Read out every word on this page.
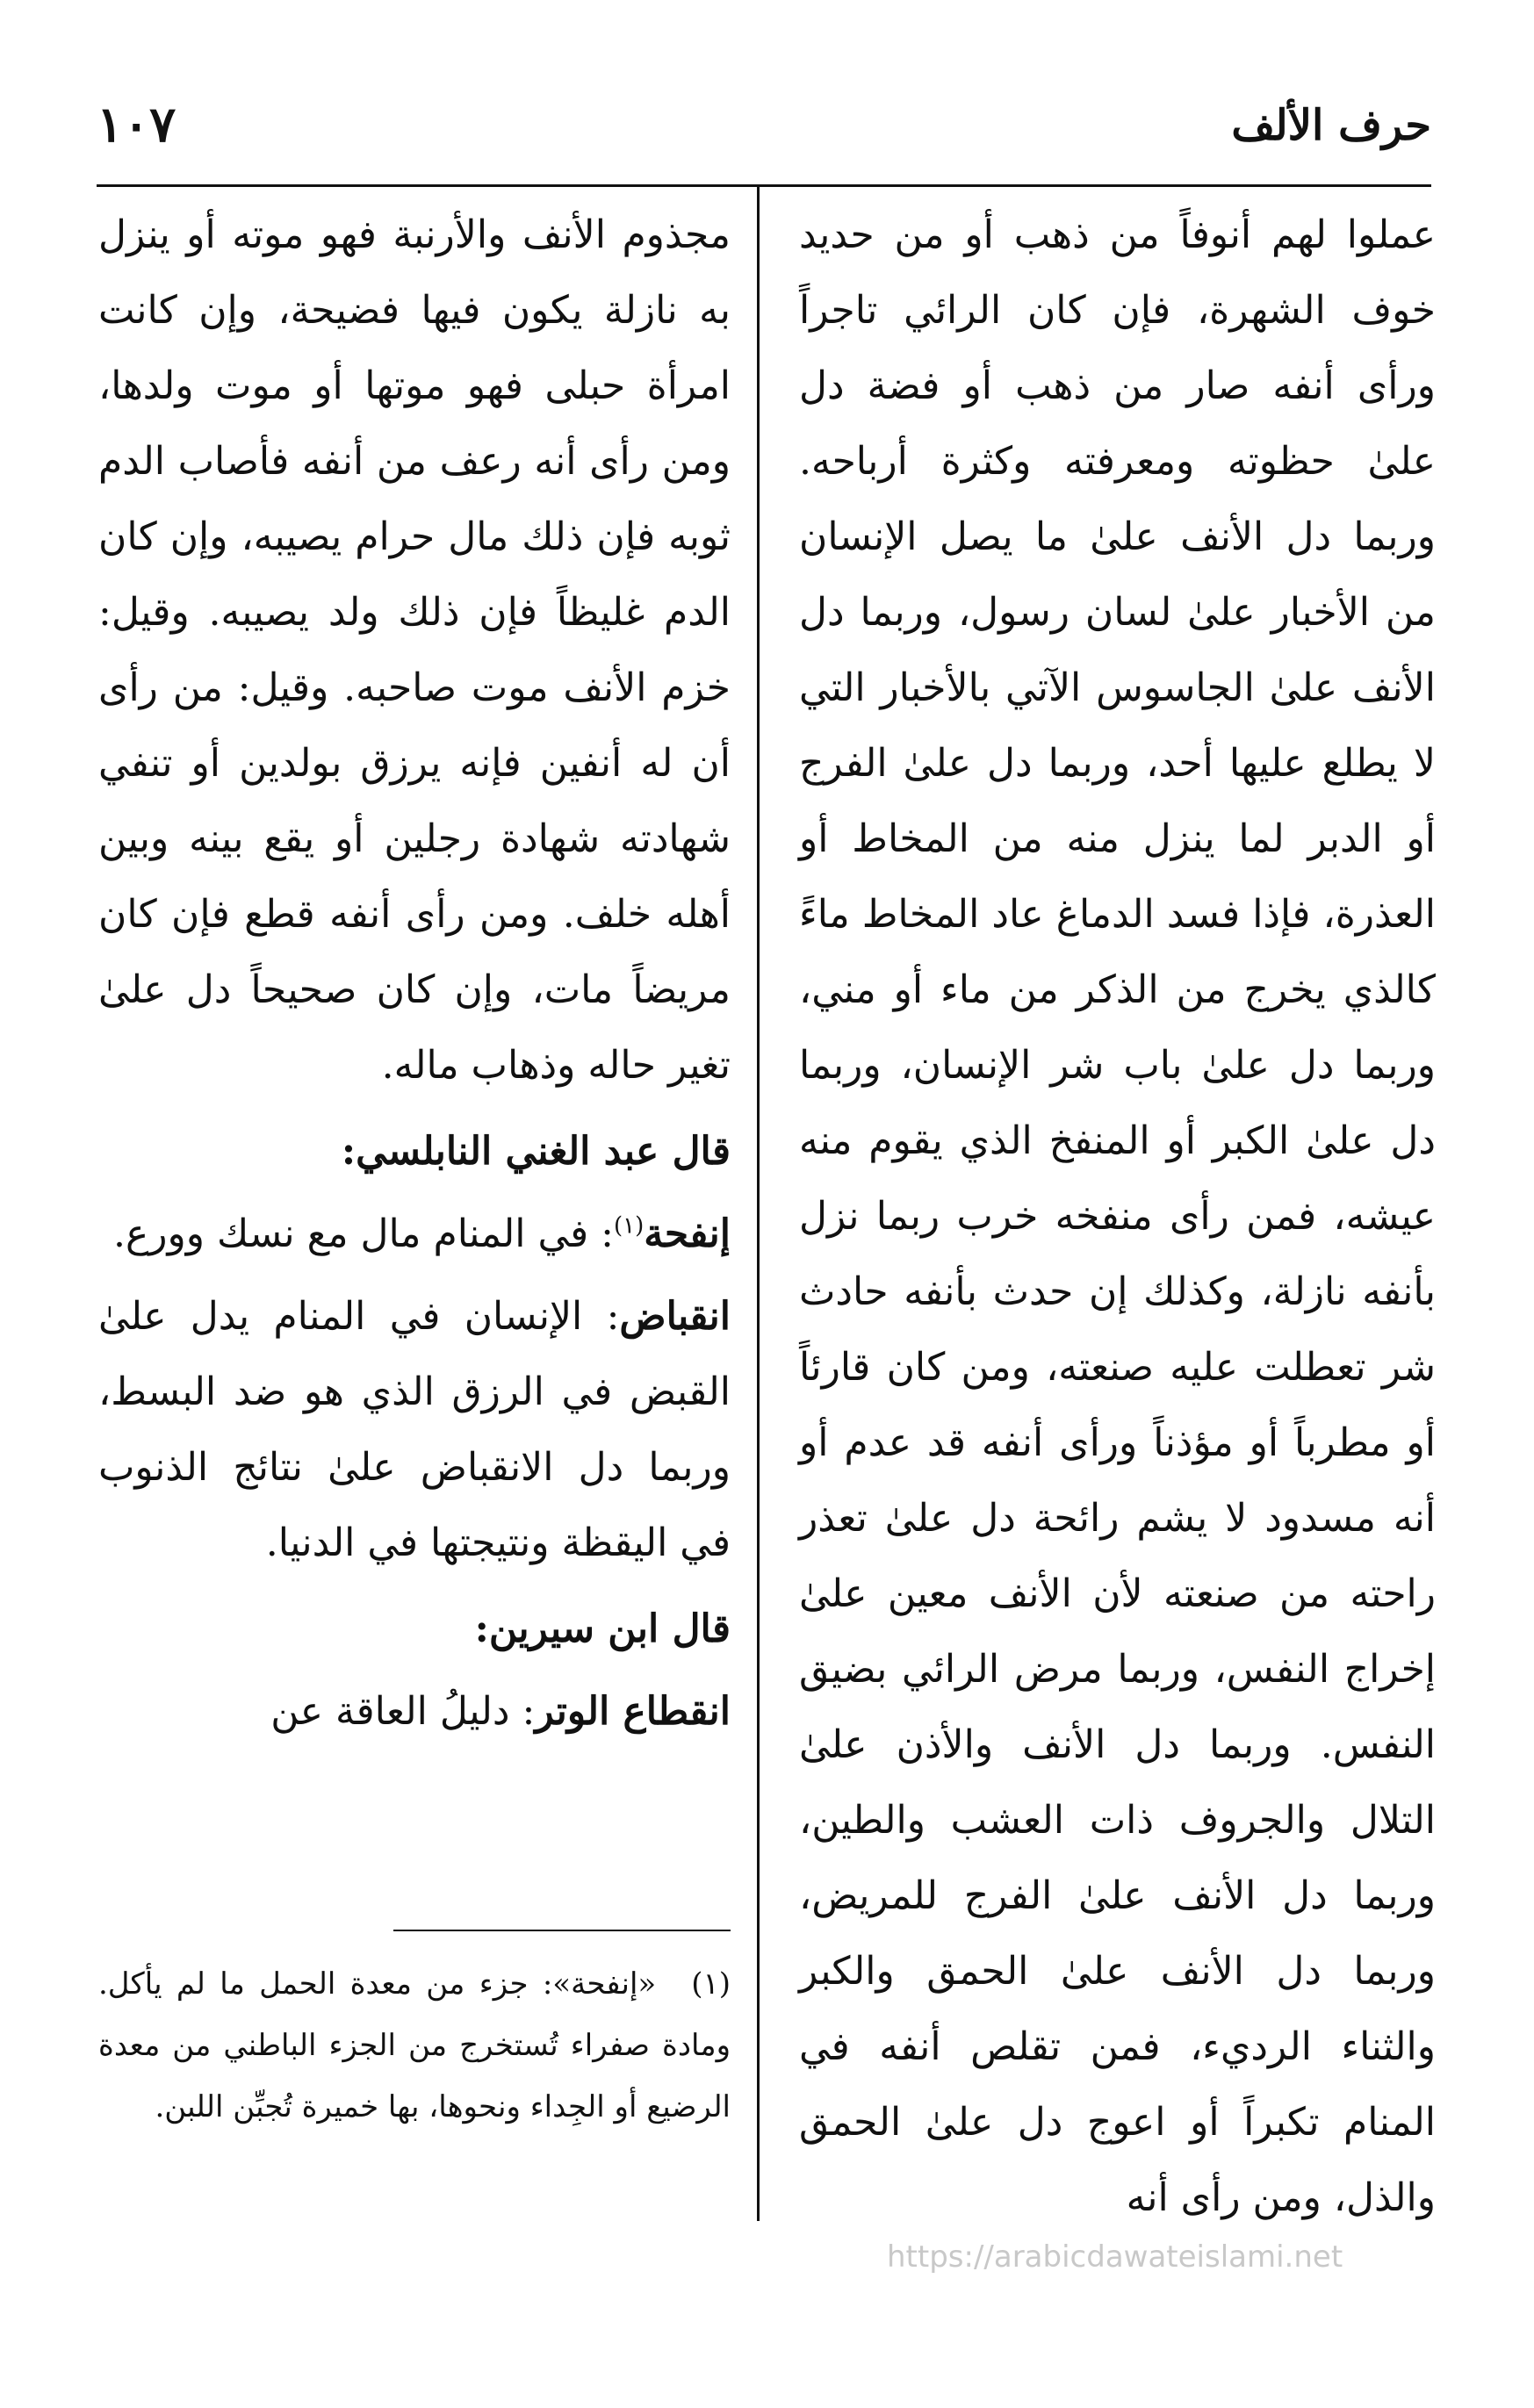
حرف الألف
١٠٧

عملوا لهم أنوفاً من ذهب أو من حديد خوف الشهرة، فإن كان الرائي تاجراً ورأى أنفه صار من ذهب أو فضة دل علىٰ حظوته ومعرفته وكثرة أرباحه. وربما دل الأنف علىٰ ما يصل الإنسان من الأخبار علىٰ لسان رسول، وربما دل الأنف علىٰ الجاسوس الآتي بالأخبار التي لا يطلع عليها أحد، وربما دل علىٰ الفرج أو الدبر لما ينزل منه من المخاط أو العذرة، فإذا فسد الدماغ عاد المخاط ماءً كالذي يخرج من الذكر من ماء أو مني، وربما دل علىٰ باب شر الإنسان، وربما دل علىٰ الكبر أو المنفخ الذي يقوم منه عيشه، فمن رأى منفخه خرب ربما نزل بأنفه نازلة، وكذلك إن حدث بأنفه حادث شر تعطلت عليه صنعته، ومن كان قارئاً أو مطرباً أو مؤذناً ورأى أنفه قد عدم أو أنه مسدود لا يشم رائحة دل علىٰ تعذر راحته من صنعته لأن الأنف معين علىٰ إخراج النفس، وربما مرض الرائي بضيق النفس. وربما دل الأنف والأذن علىٰ التلال والجروف ذات العشب والطين، وربما دل الأنف علىٰ الفرج للمريض، وربما دل الأنف علىٰ الحمق والكبر والثناء الرديء، فمن تقلص أنفه في المنام تكبراً أو اعوج دل علىٰ الحمق والذل، ومن رأى أنه

مجذوم الأنف والأرنبة فهو موته أو ينزل به نازلة يكون فيها فضيحة، وإن كانت امرأة حبلى فهو موتها أو موت ولدها، ومن رأى أنه رعف من أنفه فأصاب الدم ثوبه فإن ذلك مال حرام يصيبه، وإن كان الدم غليظاً فإن ذلك ولد يصيبه. وقيل: خزم الأنف موت صاحبه. وقيل: من رأى أن له أنفين فإنه يرزق بولدين أو تنفي شهادته شهادة رجلين أو يقع بينه وبين أهله خلف. ومن رأى أنفه قطع فإن كان مريضاً مات، وإن كان صحيحاً دل علىٰ تغير حاله وذهاب ماله.

قال عبد الغني النابلسي:

إنفحة$^{(١)}$: في المنام مال مع نسك وورع.

انقباض: الإنسان في المنام يدل علىٰ القبض في الرزق الذي هو ضد البسط، وربما دل الانقباض علىٰ نتائج الذنوب في اليقظة ونتيجتها في الدنيا.

قال ابن سيرين:

انقطاع الوتر: دليلُ العاقة عن

(١)«إنفحة»: جزء من معدة الحمل ما لم يأكل. ومادة صفراء تُستخرج من الجزء الباطني من معدة الرضيع أو الجِداء ونحوها، بها خميرة تُجبِّن اللبن.
https://arabicdawateislami.net
